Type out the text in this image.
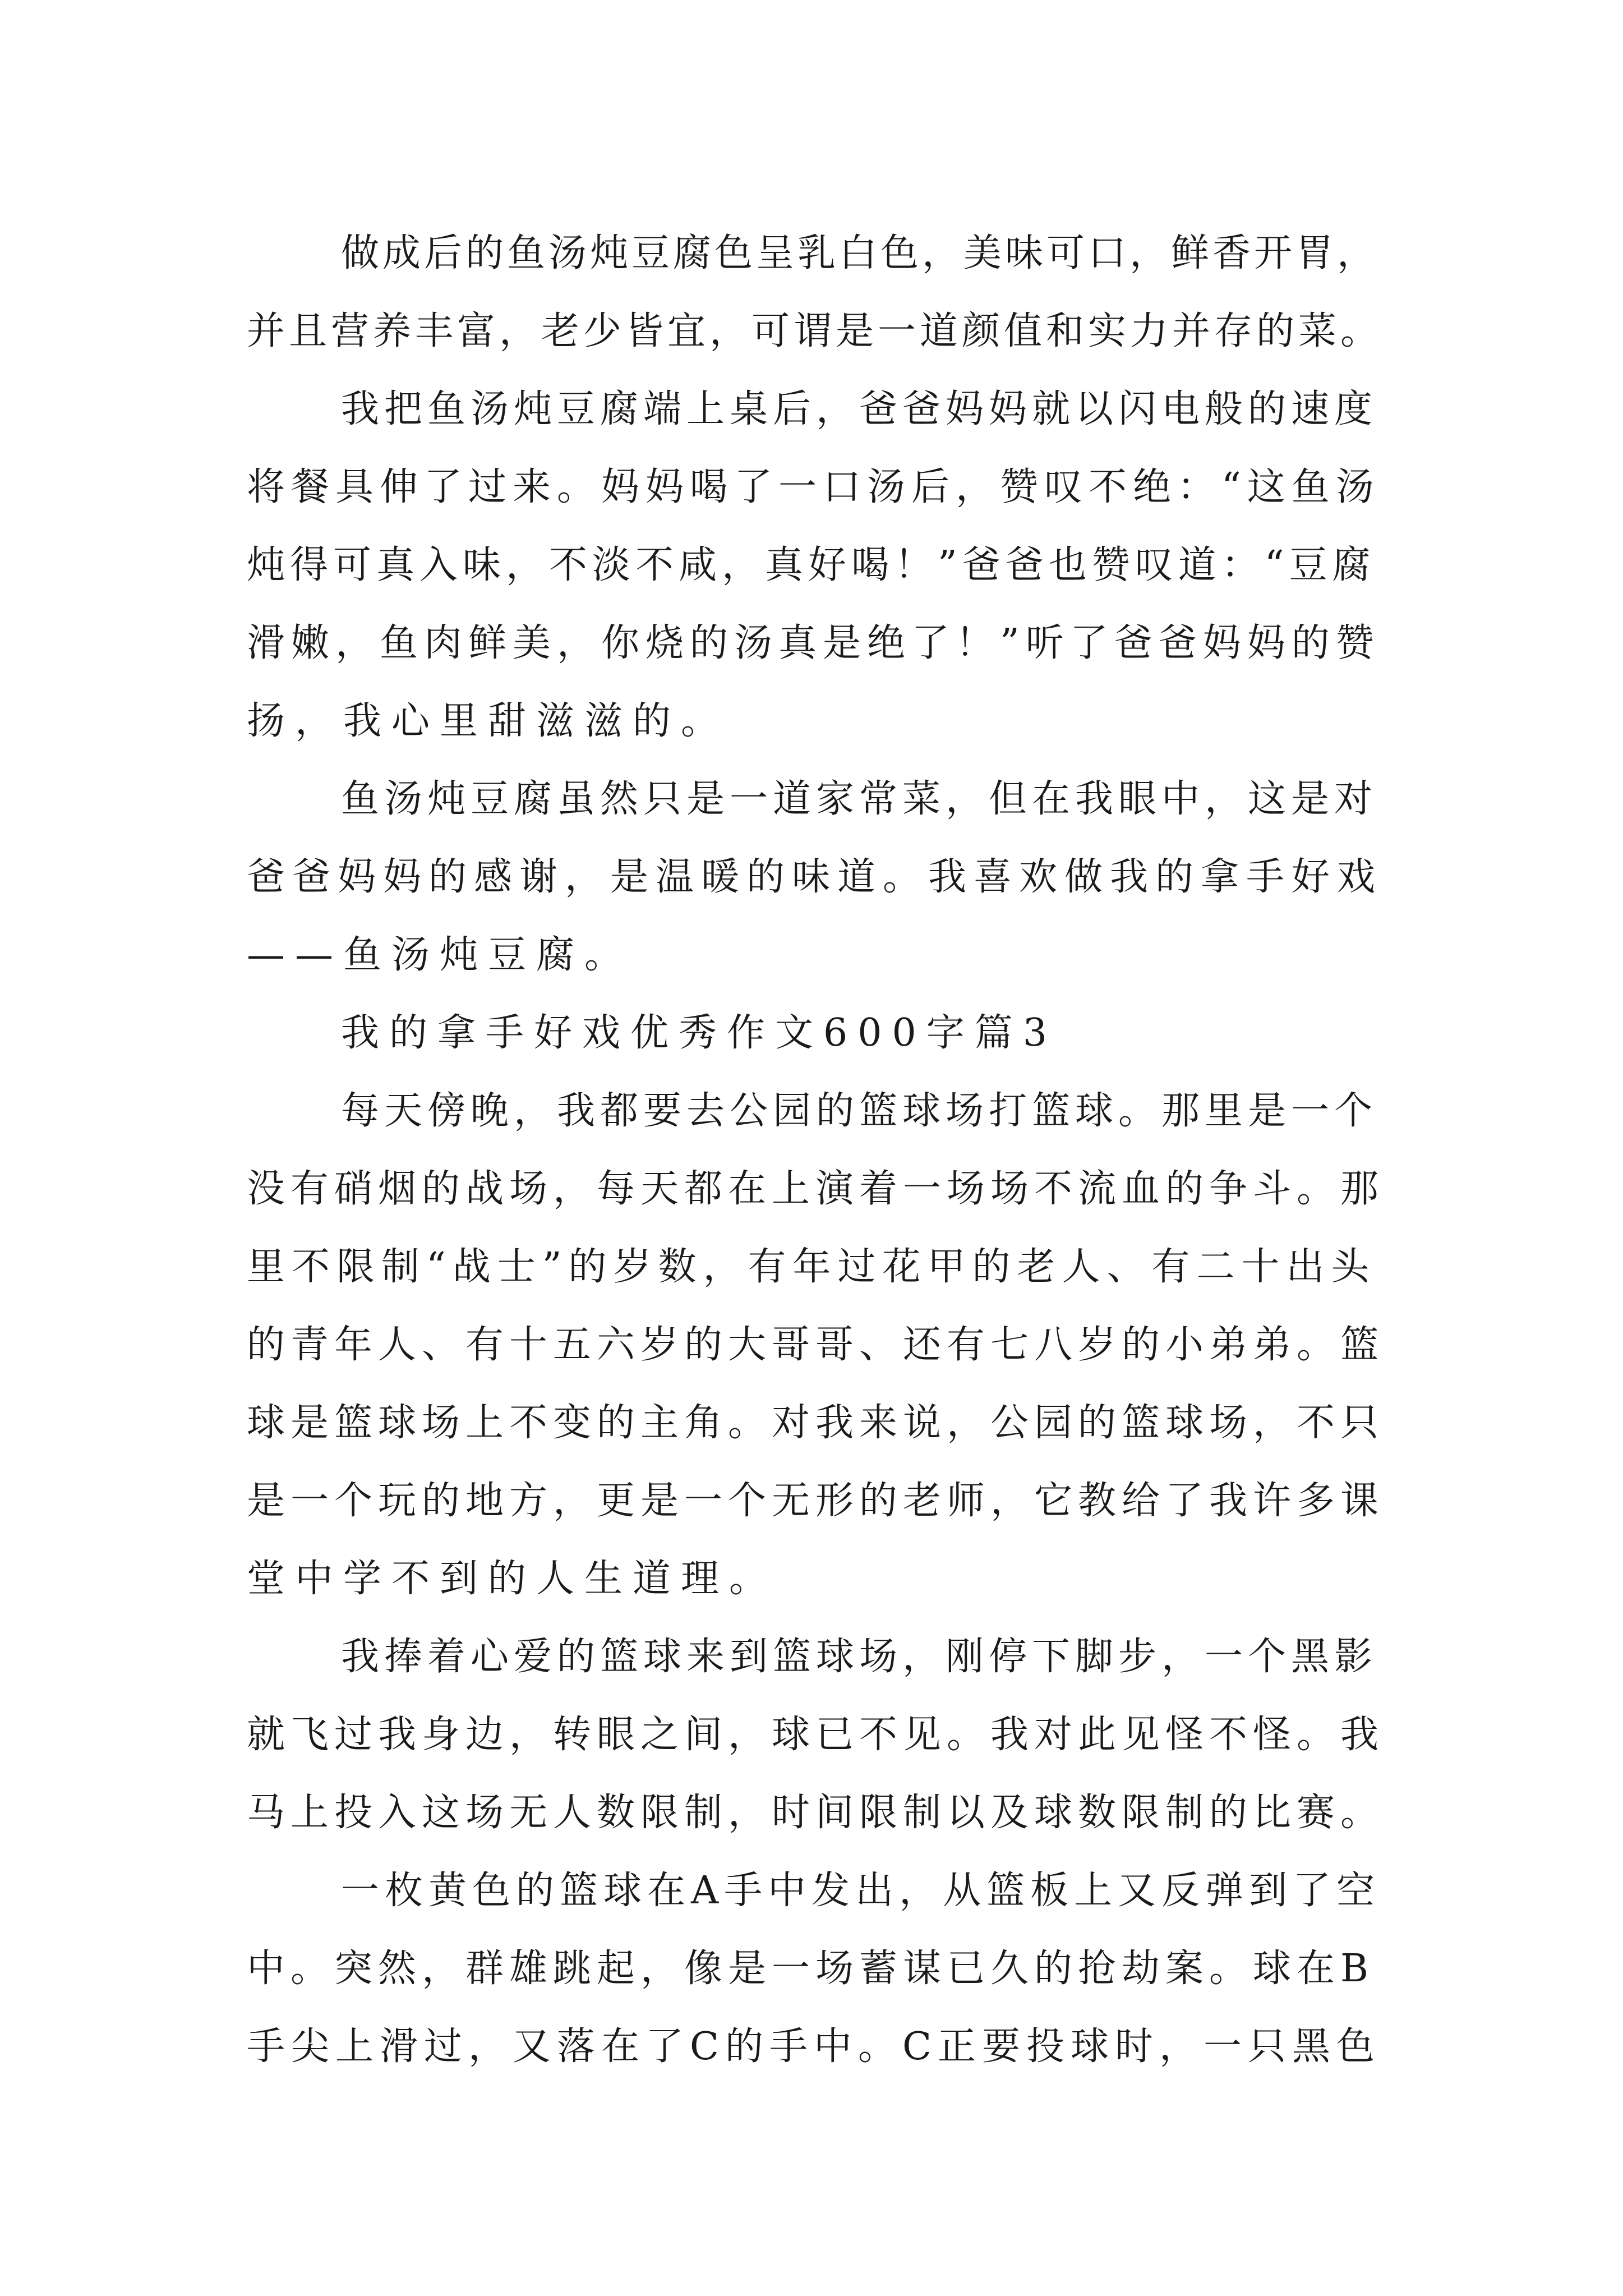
做成后的鱼汤炖豆腐色呈乳白色，美味可口，鲜香开胃，
并且营养丰富，老少皆宜，可谓是一道颜值和实力并存的菜。
我把鱼汤炖豆腐端上桌后，爸爸妈妈就以闪电般的速度
将餐具伸了过来。妈妈喝了一口汤后，赞叹不绝：“这鱼汤
炖得可真入味，不淡不咸，真好喝！”爸爸也赞叹道：“豆腐
滑嫩，鱼肉鲜美，你烧的汤真是绝了！”听了爸爸妈妈的赞
扬，我心里甜滋滋的。
鱼汤炖豆腐虽然只是一道家常菜，但在我眼中，这是对
爸爸妈妈的感谢，是温暖的味道。我喜欢做我的拿手好戏
——鱼汤炖豆腐。
我的拿手好戏优秀作文600字篇3
每天傍晚，我都要去公园的篮球场打篮球。那里是一个
没有硝烟的战场，每天都在上演着一场场不流血的争斗。那
里不限制“战士”的岁数，有年过花甲的老人、有二十出头
的青年人、有十五六岁的大哥哥、还有七八岁的小弟弟。篮
球是篮球场上不变的主角。对我来说，公园的篮球场，不只
是一个玩的地方，更是一个无形的老师，它教给了我许多课
堂中学不到的人生道理。
我捧着心爱的篮球来到篮球场，刚停下脚步，一个黑影
就飞过我身边，转眼之间，球已不见。我对此见怪不怪。我
马上投入这场无人数限制，时间限制以及球数限制的比赛。
一枚黄色的篮球在A手中发出，从篮板上又反弹到了空
中。突然，群雄跳起，像是一场蓄谋已久的抢劫案。球在B
手尖上滑过，又落在了C的手中。C正要投球时，一只黑色
